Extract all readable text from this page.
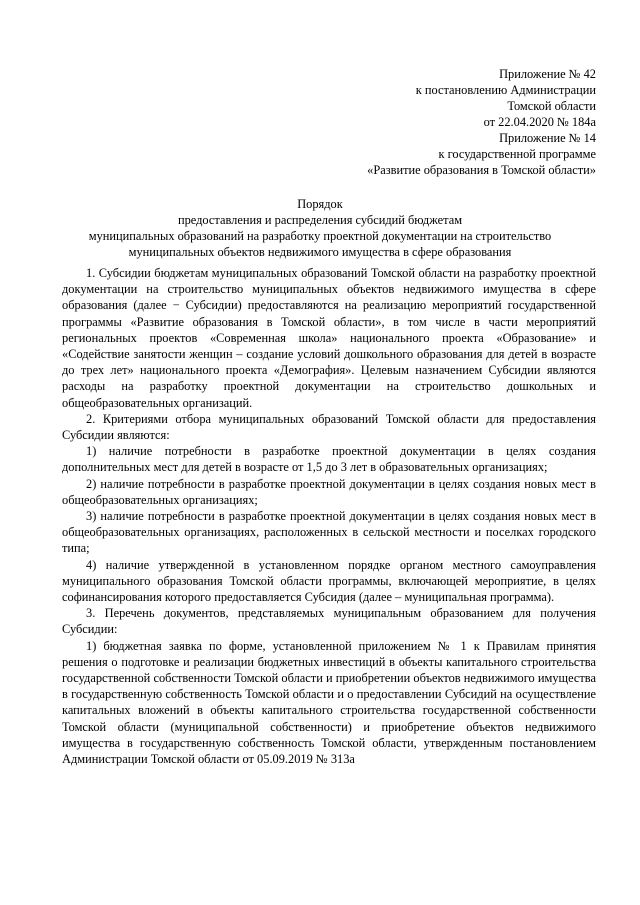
Приложение № 42
к постановлению Администрации
Томской области
от 22.04.2020 № 184а
Приложение № 14
к государственной программе
«Развитие образования в Томской области»
Порядок
предоставления и распределения субсидий бюджетам
муниципальных образований на разработку проектной документации на строительство
муниципальных объектов недвижимого имущества в сфере образования

1. Субсидии бюджетам муниципальных образований Томской области на разработку проектной документации на строительство муниципальных объектов недвижимого имущества в сфере образования (далее − Субсидии) предоставляются на реализацию мероприятий государственной программы «Развитие образования в Томской области», в том числе в части мероприятий региональных проектов «Современная школа» национального проекта «Образование» и «Содействие занятости женщин – создание условий дошкольного образования для детей в возрасте до трех лет» национального проекта «Демография». Целевым назначением Субсидии являются расходы на разработку проектной документации на строительство дошкольных и общеобразовательных организаций.

2. Критериями отбора муниципальных образований Томской области для предоставления Субсидии являются:

1) наличие потребности в разработке проектной документации в целях создания дополнительных мест для детей в возрасте от 1,5 до 3 лет в образовательных организациях;

2) наличие потребности в разработке проектной документации в целях создания новых мест в общеобразовательных организациях;

3) наличие потребности в разработке проектной документации в целях создания новых мест в общеобразовательных организациях, расположенных в сельской местности и поселках городского типа;

4) наличие утвержденной в установленном порядке органом местного самоуправления муниципального образования Томской области программы, включающей мероприятие, в целях софинансирования которого предоставляется Субсидия (далее – муниципальная программа).

3. Перечень документов, представляемых муниципальным образованием для получения Субсидии:

1) бюджетная заявка по форме, установленной приложением № 1 к Правилам принятия решения о подготовке и реализации бюджетных инвестиций в объекты капитального строительства государственной собственности Томской области и приобретении объектов недвижимого имущества в государственную собственность Томской области и о предоставлении Субсидий на осуществление капитальных вложений в объекты капитального строительства государственной собственности Томской области (муниципальной собственности) и приобретение объектов недвижимого имущества в государственную собственность Томской области, утвержденным постановлением Администрации Томской области от 05.09.2019 № 313а
